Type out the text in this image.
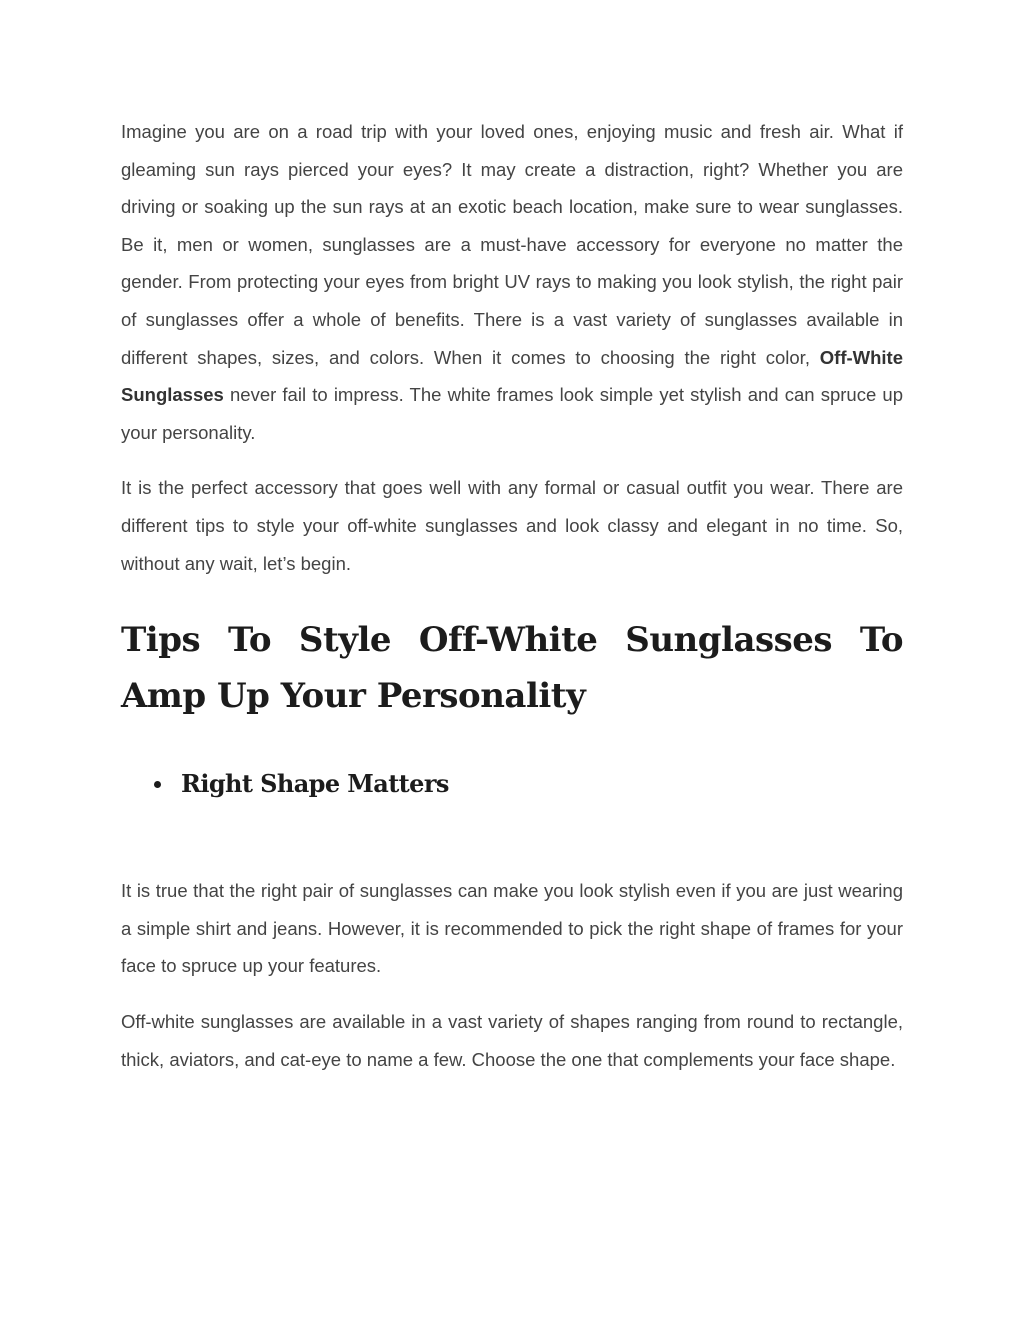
Imagine you are on a road trip with your loved ones, enjoying music and fresh air. What if gleaming sun rays pierced your eyes? It may create a distraction, right? Whether you are driving or soaking up the sun rays at an exotic beach location, make sure to wear sunglasses. Be it, men or women, sunglasses are a must-have accessory for everyone no matter the gender. From protecting your eyes from bright UV rays to making you look stylish, the right pair of sunglasses offer a whole of benefits. There is a vast variety of sunglasses available in different shapes, sizes, and colors. When it comes to choosing the right color, Off-White Sunglasses never fail to impress. The white frames look simple yet stylish and can spruce up your personality.

It is the perfect accessory that goes well with any formal or casual outfit you wear. There are different tips to style your off-white sunglasses and look classy and elegant in no time. So, without any wait, let’s begin.

Tips To Style Off-White Sunglasses To Amp Up Your Personality
Right Shape Matters

It is true that the right pair of sunglasses can make you look stylish even if you are just wearing a simple shirt and jeans. However, it is recommended to pick the right shape of frames for your face to spruce up your features.

Off-white sunglasses are available in a vast variety of shapes ranging from round to rectangle, thick, aviators, and cat-eye to name a few. Choose the one that complements your face shape.
